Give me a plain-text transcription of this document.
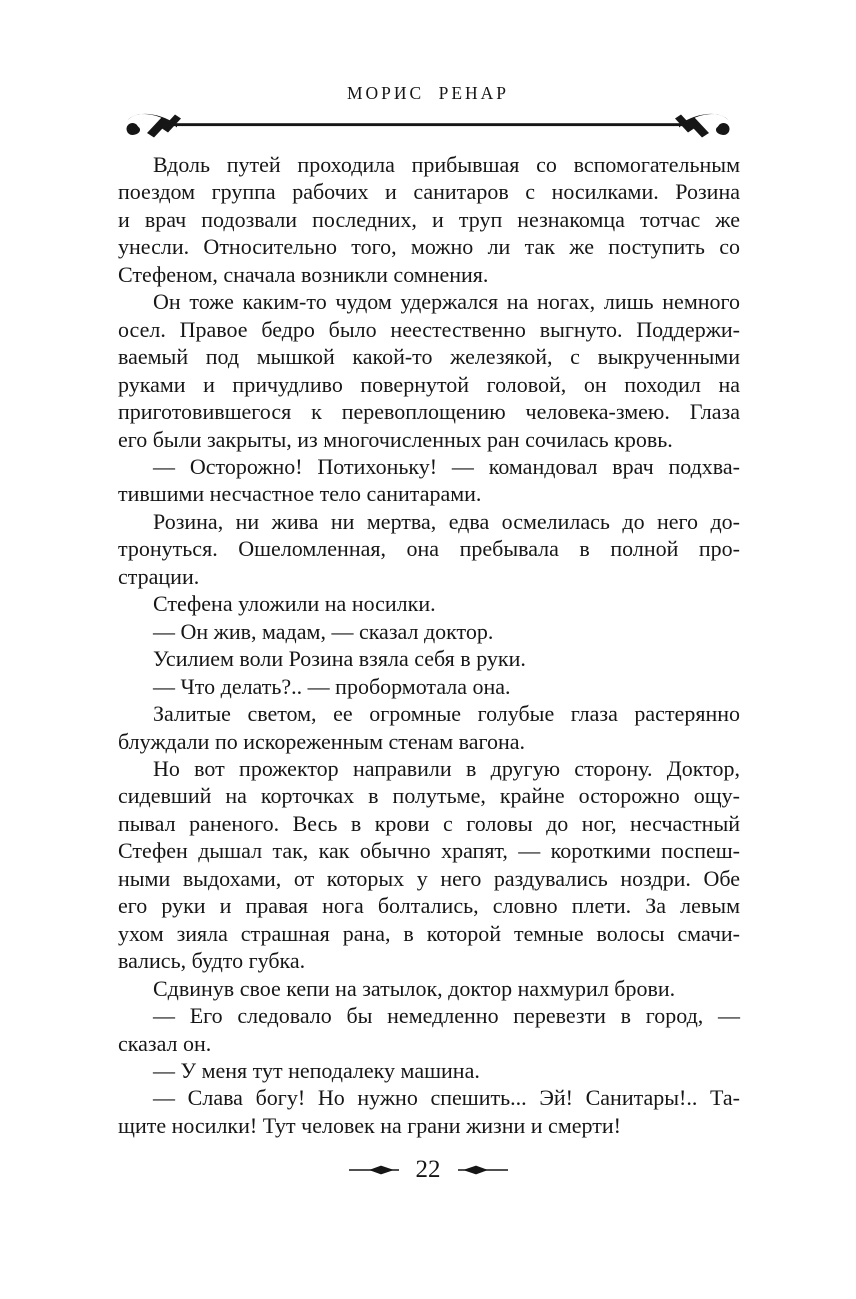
МОРИС РЕНАР
Вдоль путей проходила прибывшая со вспомогательным
поездом группа рабочих и санитаров с носилками. Розина
и врач подозвали последних, и труп незнакомца тотчас же
унесли. Относительно того, можно ли так же поступить со
Стефеном, сначала возникли сомнения.
Он тоже каким-то чудом удержался на ногах, лишь немного
осел. Правое бедро было неестественно выгнуто. Поддержи-
ваемый под мышкой какой-то железякой, с выкрученными
руками и причудливо повернутой головой, он походил на
приготовившегося к перевоплощению человека-змею. Глаза
его были закрыты, из многочисленных ран сочилась кровь.
— Осторожно! Потихоньку! — командовал врач подхва-
тившими несчастное тело санитарами.
Розина, ни жива ни мертва, едва осмелилась до него до-
тронуться. Ошеломленная, она пребывала в полной про-
страции.
Стефена уложили на носилки.
— Он жив, мадам, — сказал доктор.
Усилием воли Розина взяла себя в руки.
— Что делать?.. — пробормотала она.
Залитые светом, ее огромные голубые глаза растерянно
блуждали по искореженным стенам вагона.
Но вот прожектор направили в другую сторону. Доктор,
сидевший на корточках в полутьме, крайне осторожно ощу-
пывал раненого. Весь в крови с головы до ног, несчастный
Стефен дышал так, как обычно храпят, — короткими поспеш-
ными выдохами, от которых у него раздувались ноздри. Обе
его руки и правая нога болтались, словно плети. За левым
ухом зияла страшная рана, в которой темные волосы смачи-
вались, будто губка.
Сдвинув свое кепи на затылок, доктор нахмурил брови.
— Его следовало бы немедленно перевезти в город, —
сказал он.
— У меня тут неподалеку машина.
— Слава богу! Но нужно спешить... Эй! Санитары!.. Та-
щите носилки! Тут человек на грани жизни и смерти!
22
